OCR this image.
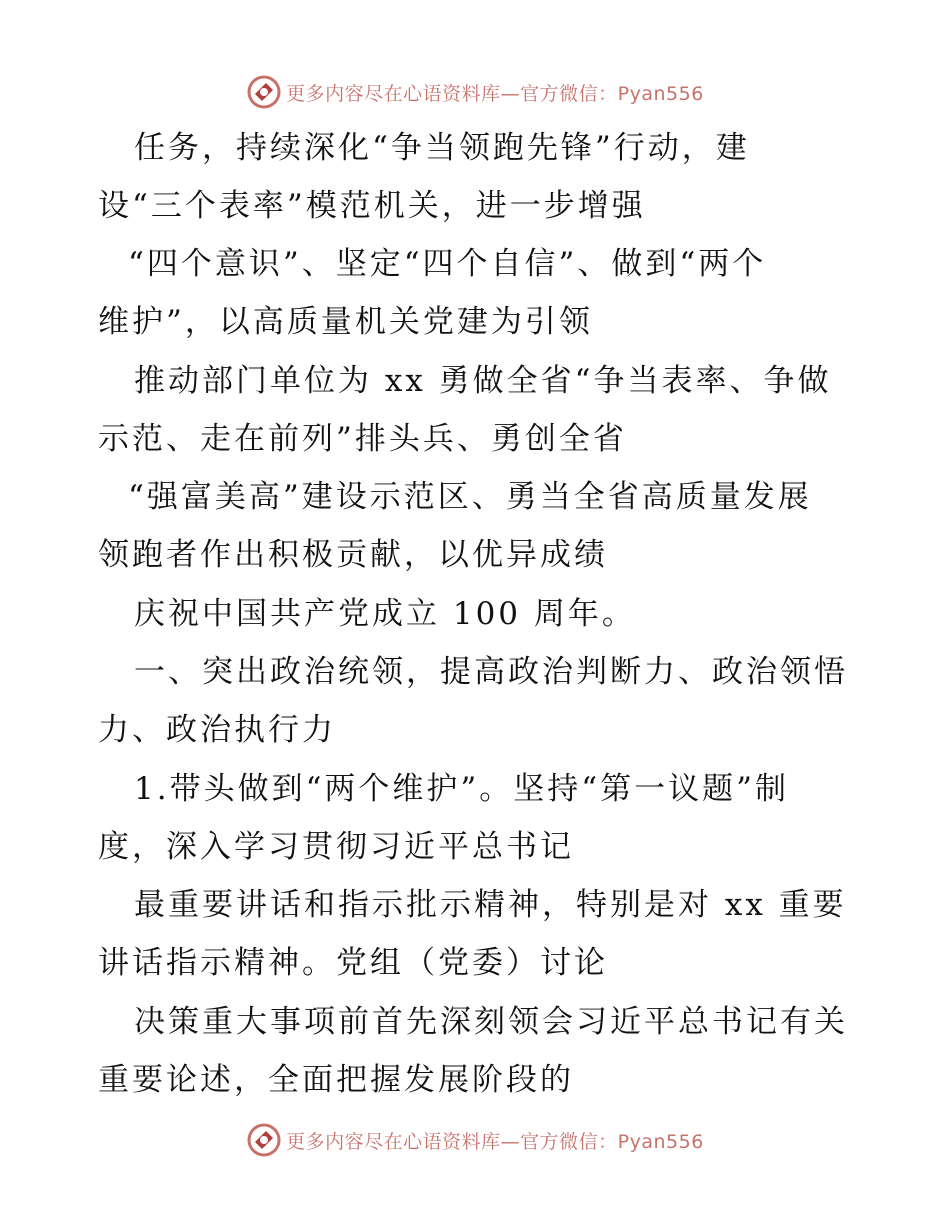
更多内容尽在心语资料库—官方微信：Pyan556
任务，持续深化“争当领跑先锋”行动，建
设“三个表率”模范机关，进一步增强
“四个意识”、坚定“四个自信”、做到“两个
维护”，以高质量机关党建为引领
推动部门单位为 xx 勇做全省“争当表率、争做
示范、走在前列”排头兵、勇创全省
“强富美高”建设示范区、勇当全省高质量发展
领跑者作出积极贡献，以优异成绩
庆祝中国共产党成立 100 周年。
一、突出政治统领，提高政治判断力、政治领悟
力、政治执行力
1.带头做到“两个维护”。坚持“第一议题”制
度，深入学习贯彻习近平总书记
最重要讲话和指示批示精神，特别是对 xx 重要
讲话指示精神。党组（党委）讨论
决策重大事项前首先深刻领会习近平总书记有关
重要论述，全面把握发展阶段的
更多内容尽在心语资料库—官方微信：Pyan556
